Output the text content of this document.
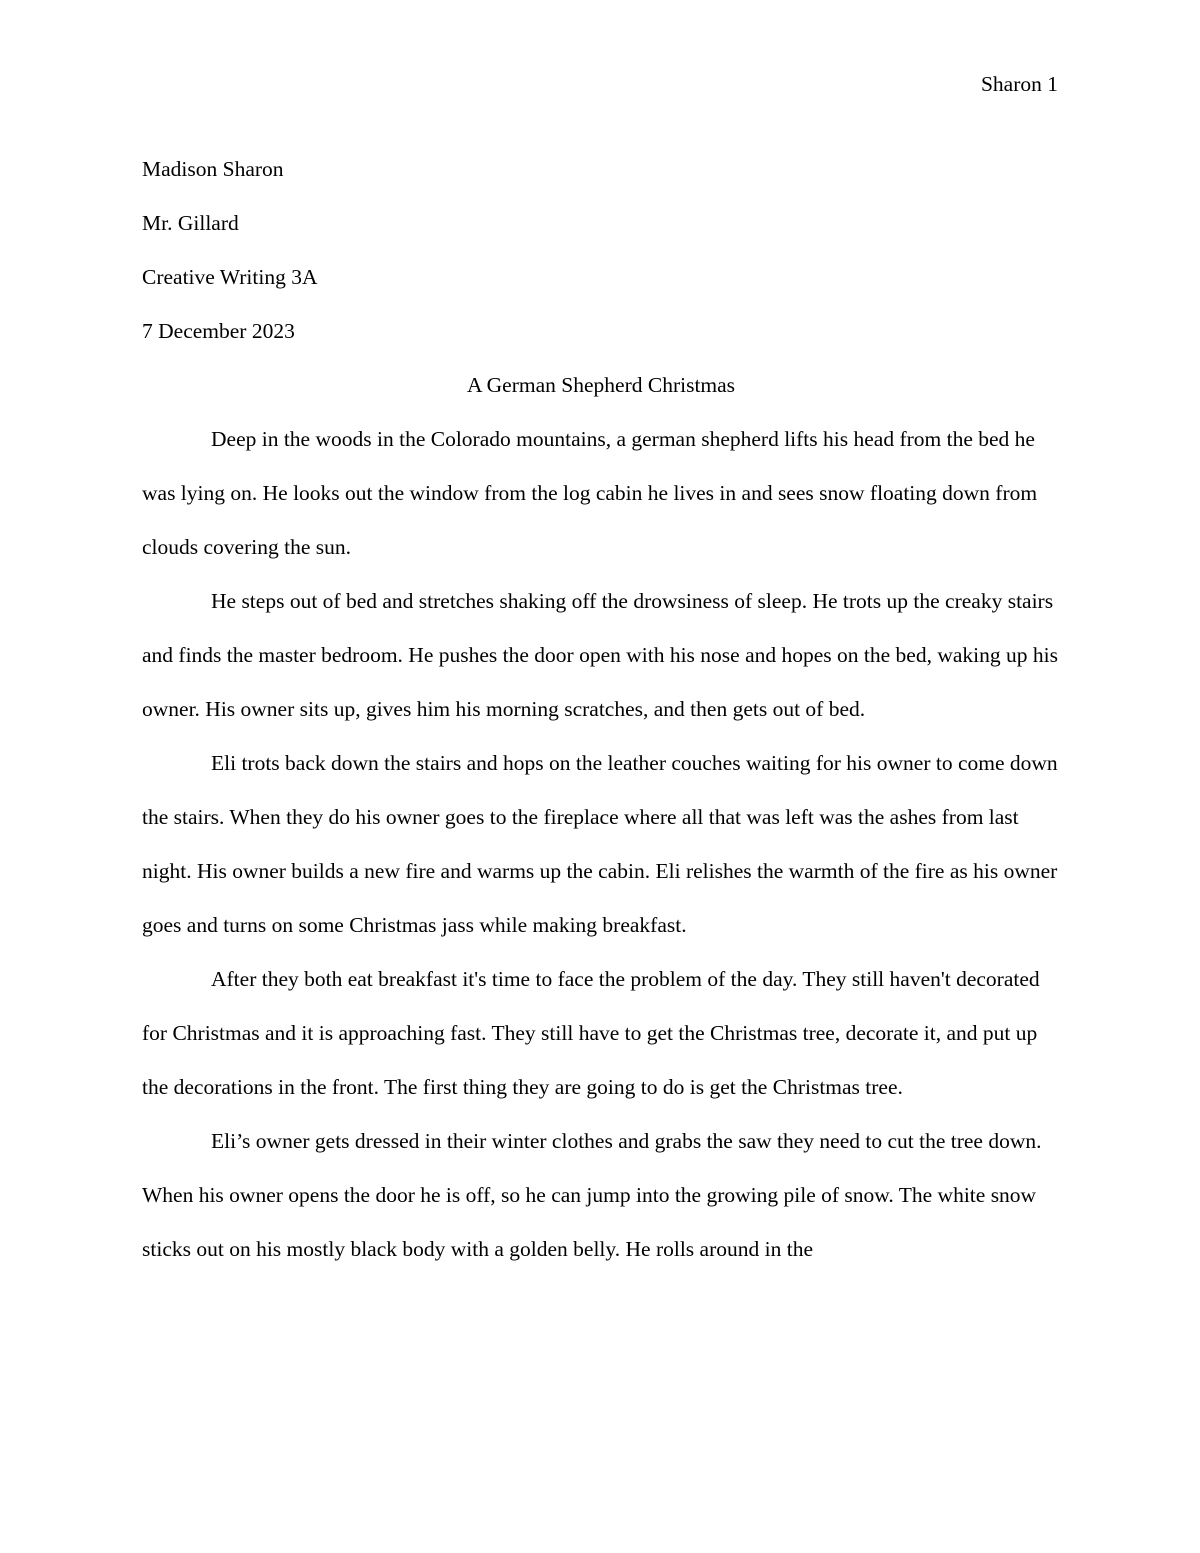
Sharon 1

Madison Sharon

Mr. Gillard

Creative Writing 3A

7 December 2023

A German Shepherd Christmas

Deep in the woods in the Colorado mountains, a german shepherd lifts his head from the bed he was lying on. He looks out the window from the log cabin he lives in and sees snow floating down from clouds covering the sun.

He steps out of bed and stretches shaking off the drowsiness of sleep. He trots up the creaky stairs and finds the master bedroom. He pushes the door open with his nose and hopes on the bed, waking up his owner. His owner sits up, gives him his morning scratches, and then gets out of bed.

Eli trots back down the stairs and hops on the leather couches waiting for his owner to come down the stairs. When they do his owner goes to the fireplace where all that was left was the ashes from last night. His owner builds a new fire and warms up the cabin. Eli relishes the warmth of the fire as his owner goes and turns on some Christmas jass while making breakfast.

After they both eat breakfast it's time to face the problem of the day. They still haven't decorated for Christmas and it is approaching fast. They still have to get the Christmas tree, decorate it, and put up the decorations in the front. The first thing they are going to do is get the Christmas tree.

Eli’s owner gets dressed in their winter clothes and grabs the saw they need to cut the tree down. When his owner opens the door he is off, so he can jump into the growing pile of snow. The white snow sticks out on his mostly black body with a golden belly. He rolls around in the
